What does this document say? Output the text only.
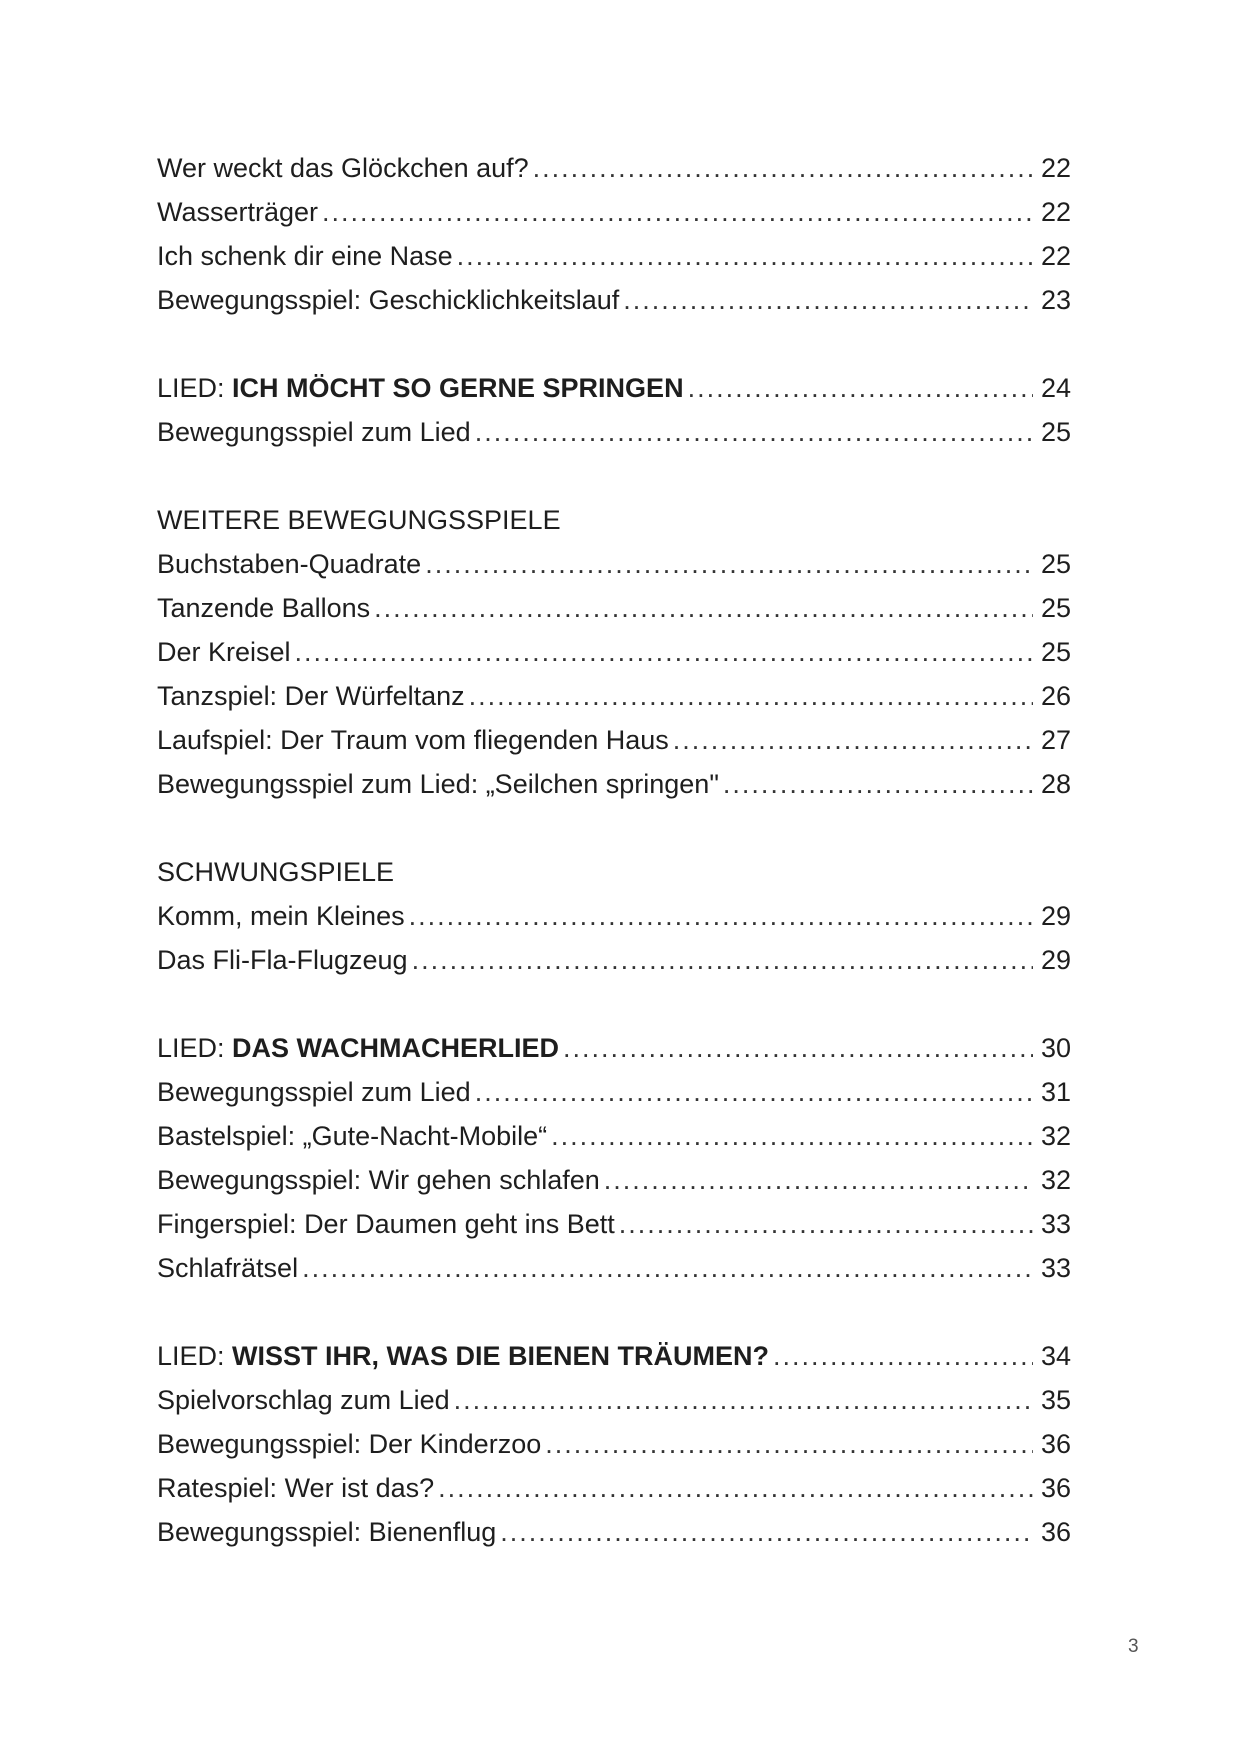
Wer weckt das Glöckchen auf? .....	22
Wasserträger .....	22
Ich schenk dir eine Nase .....	22
Bewegungsspiel: Geschicklichkeitslauf .....	23
LIED: ICH MÖCHT SO GERNE SPRINGEN .....	24
Bewegungsspiel zum Lied .....	25
WEITERE BEWEGUNGSSPIELE
Buchstaben-Quadrate .....	25
Tanzende Ballons .....	25
Der Kreisel .....	25
Tanzspiel: Der Würfeltanz .....	26
Laufspiel: Der Traum vom fliegenden Haus .....	27
Bewegungsspiel zum Lied: „Seilchen springen" .....	28
SCHWUNGSPIELE
Komm, mein Kleines .....	29
Das Fli-Fla-Flugzeug .....	29
LIED: DAS WACHMACHERLIED .....	30
Bewegungsspiel zum Lied .....	31
Bastelspiel: „Gute-Nacht-Mobile“ .....	32
Bewegungsspiel: Wir gehen schlafen .....	32
Fingerspiel: Der Daumen geht ins Bett .....	33
Schlafrätsel .....	33
LIED: WISST IHR, WAS DIE BIENEN TRÄUMEN? .....	34
Spielvorschlag zum Lied .....	35
Bewegungsspiel: Der Kinderzoo .....	36
Ratespiel: Wer ist das? .....	36
Bewegungsspiel: Bienenflug .....	36
3
